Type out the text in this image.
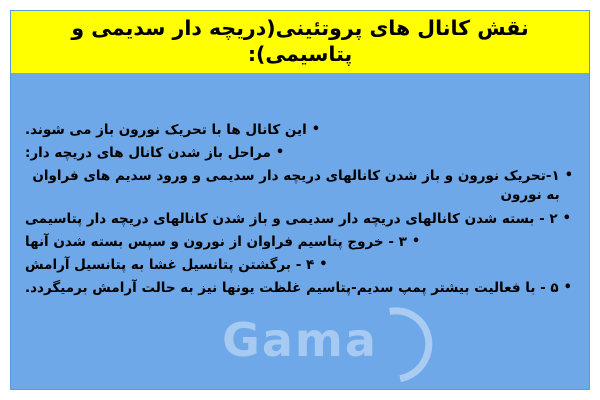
نقش کانال های پروتئینی(دریچه دار سدیمی و پتاسیمی):
•
این کانال ها با تحریک نورون باز می شوند.
•
مراحل باز شدن کانال های دریچه دار:
•
۱-تحریک نورون و باز شدن کانالهای دریچه دار سدیمی و ورود سدیم های فراوان به نورون
•
۲ - بسته شدن کانالهای دریچه دار سدیمی و باز شدن کانالهای دریچه دار پتاسیمی
•
۳ - خروج پتاسیم فراوان از نورون و سپس بسته شدن آنها
•
۴ - برگشتن پتانسیل غشا به پتانسیل آرامش
•
۵ - با فعالیت بیشتر پمپ سدیم-پتاسیم غلظت یونها نیز به حالت آرامش برمیگردد.
Gama
